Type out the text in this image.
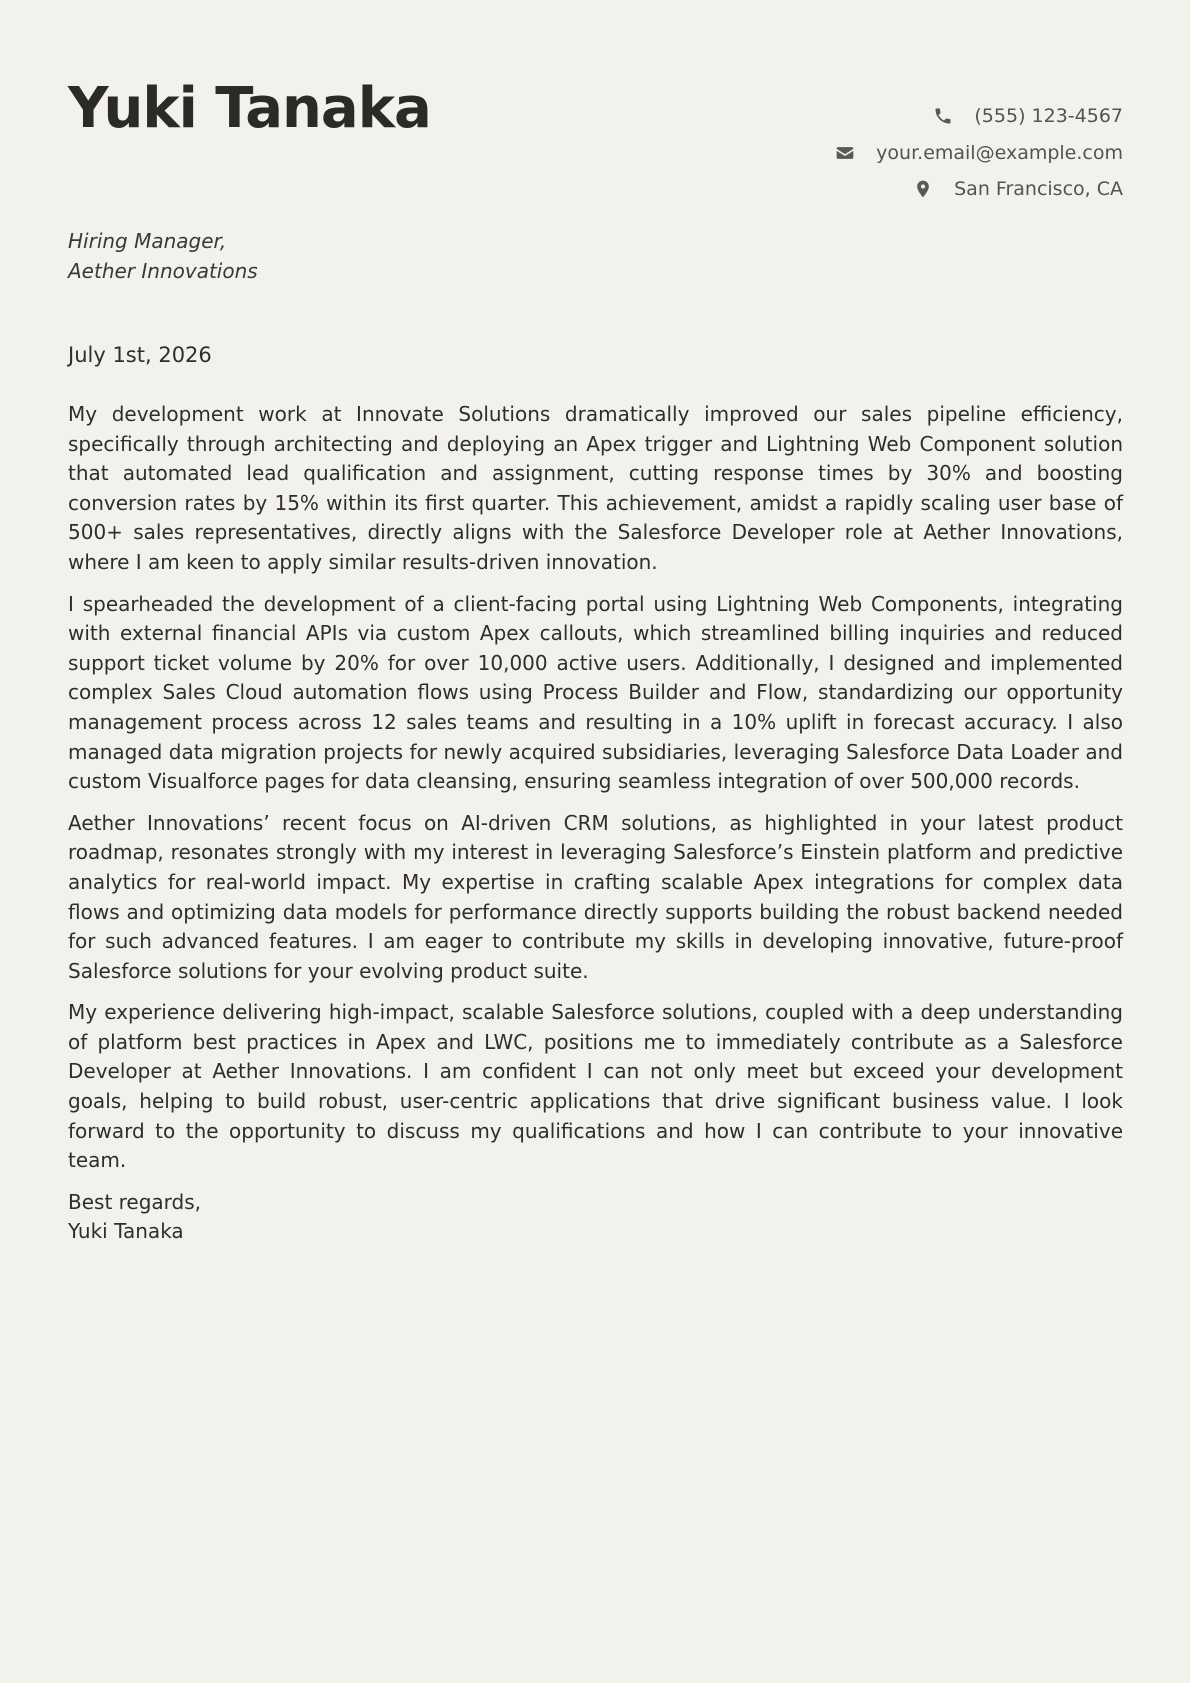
Yuki Tanaka	(555) 123-4567
your.email@example.com
San Francisco, CA
Hiring Manager,
Aether Innovations
July 1st, 2026

My development work at Innovate Solutions dramatically improved our sales pipeline efficiency, specifically through architecting and deploying an Apex trigger and Lightning Web Component solution that automated lead qualification and assignment, cutting response times by 30% and boosting conversion rates by 15% within its first quarter. This achievement, amidst a rapidly scaling user base of 500+ sales representatives, directly aligns with the Salesforce Developer role at Aether Innovations, where I am keen to apply similar results-driven innovation.

I spearheaded the development of a client-facing portal using Lightning Web Components, integrating with external financial APIs via custom Apex callouts, which streamlined billing inquiries and reduced support ticket volume by 20% for over 10,000 active users. Additionally, I designed and implemented complex Sales Cloud automation flows using Process Builder and Flow, standardizing our opportunity management process across 12 sales teams and resulting in a 10% uplift in forecast accuracy. I also managed data migration projects for newly acquired subsidiaries, leveraging Salesforce Data Loader and custom Visualforce pages for data cleansing, ensuring seamless integration of over 500,000 records.

Aether Innovations’ recent focus on AI-driven CRM solutions, as highlighted in your latest product roadmap, resonates strongly with my interest in leveraging Salesforce’s Einstein platform and predictive analytics for real-world impact. My expertise in crafting scalable Apex integrations for complex data flows and optimizing data models for performance directly supports building the robust backend needed for such advanced features. I am eager to contribute my skills in developing innovative, future-proof Salesforce solutions for your evolving product suite.

My experience delivering high-impact, scalable Salesforce solutions, coupled with a deep understanding of platform best practices in Apex and LWC, positions me to immediately contribute as a Salesforce Developer at Aether Innovations. I am confident I can not only meet but exceed your development goals, helping to build robust, user-centric applications that drive significant business value. I look forward to the opportunity to discuss my qualifications and how I can contribute to your innovative team.

Best regards,
Yuki Tanaka
